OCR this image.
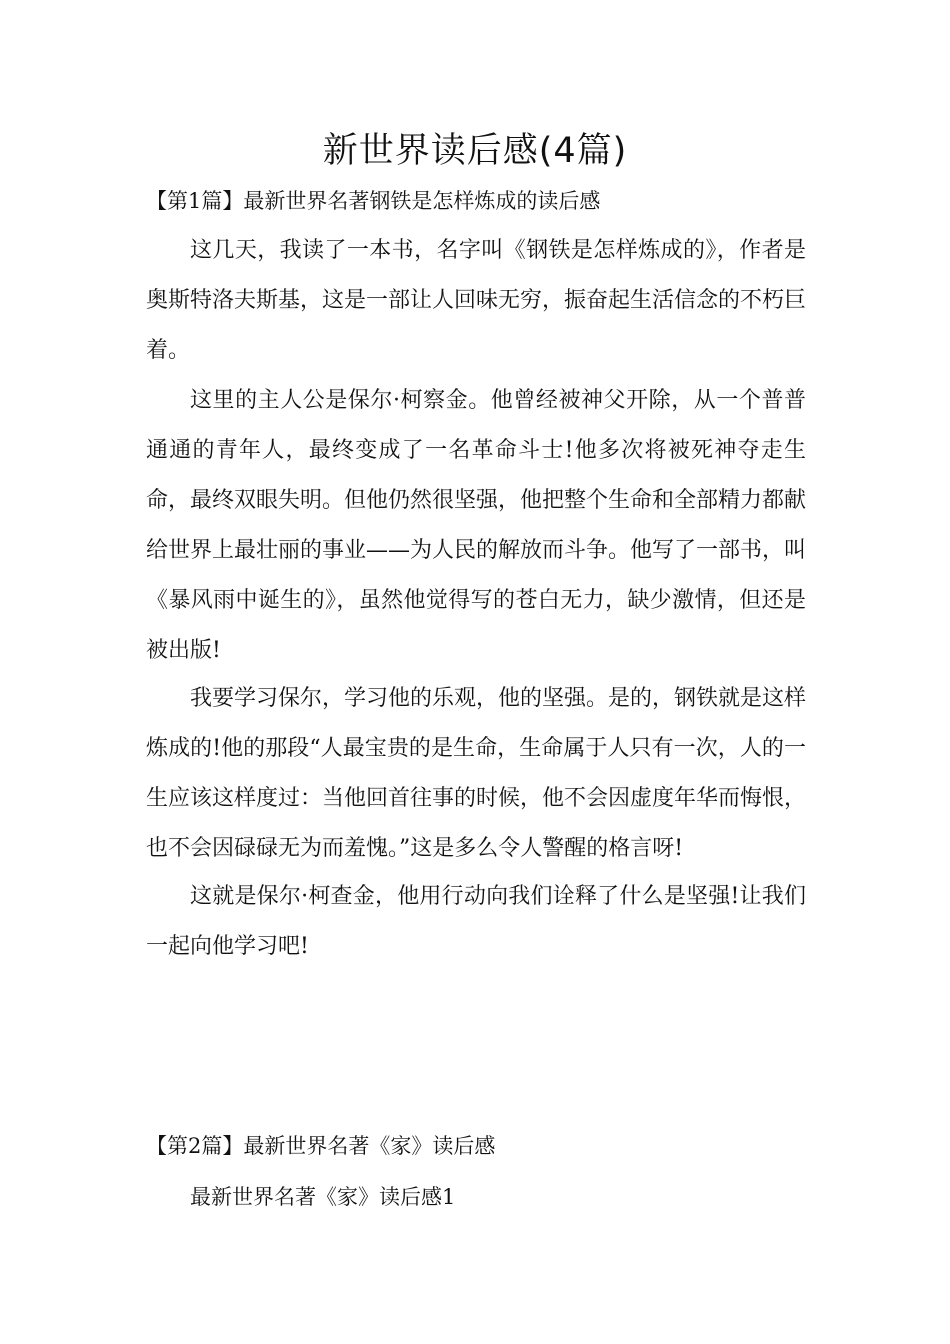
新世界读后感(4篇)
【第1篇】最新世界名著钢铁是怎样炼成的读后感

这几天，我读了一本书，名字叫《钢铁是怎样炼成的》，作者是奥斯特洛夫斯基，这是一部让人回味无穷，振奋起生活信念的不朽巨着。

这里的主人公是保尔·柯察金。他曾经被神父开除，从一个普普通通的青年人，最终变成了一名革命斗士!他多次将被死神夺走生命，最终双眼失明。但他仍然很坚强，他把整个生命和全部精力都献给世界上最壮丽的事业——为人民的解放而斗争。他写了一部书，叫《暴风雨中诞生的》，虽然他觉得写的苍白无力，缺少激情，但还是被出版!

我要学习保尔，学习他的乐观，他的坚强。是的，钢铁就是这样炼成的!他的那段“人最宝贵的是生命，生命属于人只有一次，人的一生应该这样度过：当他回首往事的时候，他不会因虚度年华而悔恨，也不会因碌碌无为而羞愧。”这是多么令人警醒的格言呀!

这就是保尔·柯查金，他用行动向我们诠释了什么是坚强!让我们一起向他学习吧!

【第2篇】最新世界名著《家》读后感
最新世界名著《家》读后感1
